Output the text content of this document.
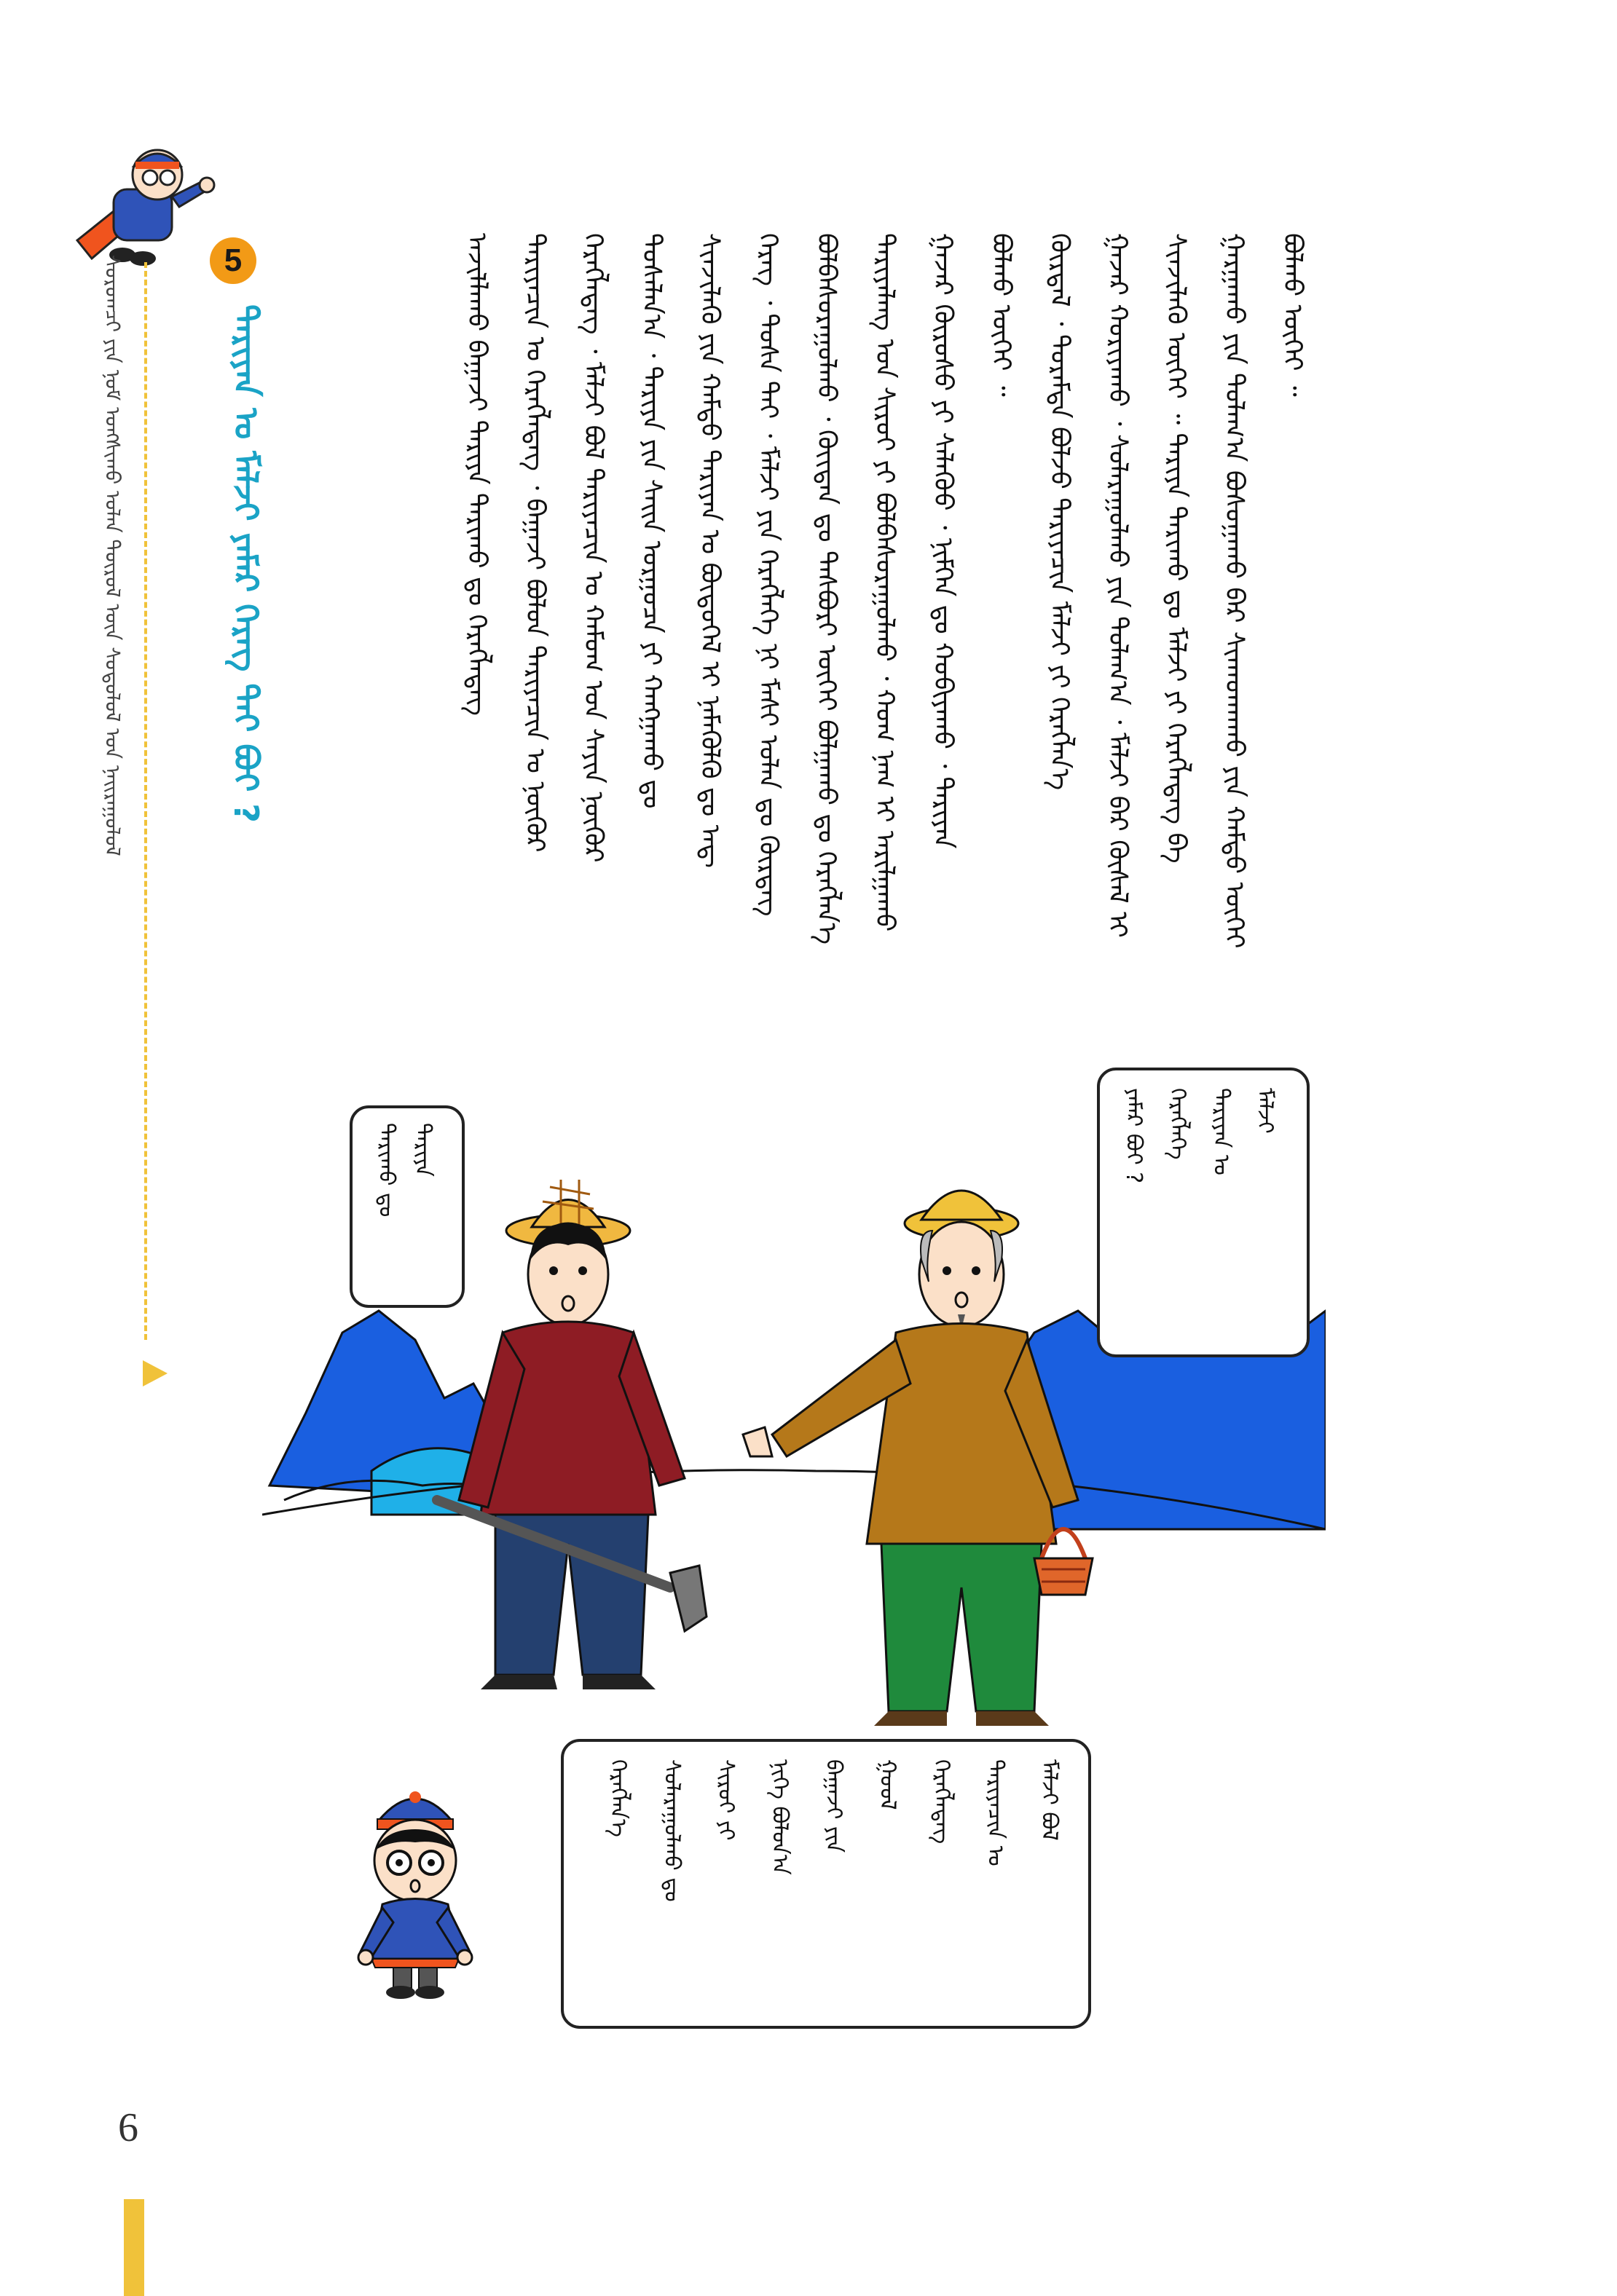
ᠰᠤᠷᠤᠭᠴᠢ ᠶᠢᠨ ᠨᠤᠮ ᠤᠩᠰᠢᠬᠤ ᠤᠯᠠᠨ ᠲᠦᠷᠦᠯ ᠦᠨ ᠰᠤᠳᠤᠯᠤᠯ ᠤᠨ ᠨᠠᠢᠷᠠᠭᠤᠯᠤᠯ	5
ᠲᠠᠷᠢᠶᠠᠨ ᠤ ᠮᠠᠯᠵᠢ ᠶᠠᠮᠠᠷ ᠬᠡᠷᠡᠭ ᠲᠠᠢ ᠪᠤᠢ ?	ᠪᠤᠯᠬᠤ ᠦᠭᠡᠢ ᠃
ᠭᠠᠷᠭᠠᠬᠤ ᠶᠢᠨ ᠲᠤᠯᠠᠭ᠎ᠠ ᠪᠤᠰᠤᠭᠠᠬᠤ ᠪᠠᠷ ᠰᠢᠬᠠᠳᠬᠠᠬᠤ ᠶᠢᠨ ᠬᠠᠮᠲᠤ ᠦᠭᠡᠢ
ᠰᠢᠨᠵᠢᠯᠡᠬᠦ ᠦᠭᠡᠢ ᠃ ᠲᠠᠷᠢᠶᠠ ᠲᠠᠷᠢᠬᠤ ᠳᠤ ᠮᠠᠯᠵᠢ ᠶᠢ ᠬᠡᠷᠡᠭᠯᠡᠳᠡᠭ ᠪᠠ
ᠭᠠᠵᠠᠷ ᠬᠤᠷᠢᠶᠠᠬᠤ ᠂ ᠰᠤᠯᠠᠷᠠᠭᠤᠯᠬᠤ ᠶᠢᠨ ᠲᠤᠯᠠᠭ᠎ᠠ ᠂ ᠮᠠᠯᠵᠢ ᠪᠠᠷ ᠬᠥᠰᠡᠯ ᠢ
ᠬᠦᠷᠳᠡᠯ ᠂ ᠳᠤᠷᠠᠮᠳᠠ ᠪᠤᠯᠵᠤ ᠲᠠᠷᠢᠶᠠᠴᠢᠨ ᠮᠠᠯᠵᠢ ᠶᠢ ᠬᠡᠷᠡᠭᠯᠡᠨ᠎ᠡ
ᠪᠤᠯᠬᠤ ᠦᠭᠡᠢ ᠃
ᠭᠠᠵᠠᠷ ᠬᠥᠷᠦᠰᠦ ᠶᠢ ᠰᠡᠯᠡᠭᠦᠦ ᠂ ᠨᠢᠮᠭᠡᠨ ᠳᠤ ᠬᠤᠪᠢᠶᠠᠬᠤ ᠂ ᠲᠠᠷᠢᠶᠠᠨ
ᠲᠠᠷᠢᠶᠠᠯᠠᠩ ᠤᠨ ᠰᠢᠷᠤᠢ ᠶᠢ ᠪᠤᠯᠪᠠᠰᠤᠷᠠᠭᠤᠯᠬᠤ ᠂ ᠬᠣᠭ ᠨᠠᠭ ᠢ ᠠᠷᠢᠯᠭᠠᠬᠤ
ᠪᠣᠯᠪᠠᠰᠤᠷᠠᠭᠤᠯᠬᠤ ᠂ ᠬᠦᠢᠲᠡᠨ ᠳᠤ ᠲᠡᠰᠪᠦᠷᠢ ᠦᠬᠡᠢ ᠪᠤᠯᠭᠠᠬᠤ ᠳᠤ ᠬᠡᠷᠡᠭᠯᠡᠨ᠎ᠡ
ᠬᠡᠷᠡᠭ ᠂ ᠲᠤᠰᠠ ᠲᠠᠢ ᠂ ᠮᠠᠯᠵᠢ ᠶᠢᠨ ᠬᠡᠷᠡᠭᠯᠡᠭᠡ ᠨᠢ ᠮᠠᠰᠢ ᠣᠯᠠᠨ ᠳᠣ ᠬᠦᠷᠳᠡᠭ
ᠰᠢᠨᠵᠢᠯᠡᠬᠦ ᠶᠢᠨ ᠬᠠᠮᠲᠤ ᠲᠠᠷᠢᠶᠠᠨ ᠤ ᠪᠦᠲᠦᠭᠡᠯ ᠢ ᠨᠡᠮᠡᠭᠦᠯᠬᠦ ᠳᠤ ᠠᠳ᠋
ᠲᠤᠰᠠᠯᠠᠨ᠎ᠠ ᠂ ᠲᠠᠷᠢᠶᠠ ᠶᠢᠨ ᠰᠠᠢᠨ ᠤᠷᠭᠤᠴᠠ ᠶᠢ ᠬᠠᠩᠭᠠᠬᠤ ᠳᠤ
ᠬᠡᠷᠡᠭᠯᠡᠳᠡᠭ ᠂ ᠮᠠᠯᠵᠢ ᠪᠤᠯ ᠲᠠᠷᠢᠶᠠᠴᠢᠨ ᠤ ᠬᠠᠮᠤᠭ ᠤᠨ ᠰᠠᠶᠢᠨ ᠨᠥᠬᠦᠷ
ᠲᠠᠷᠢᠶᠠᠴᠢᠨ ᠤ ᠬᠡᠷᠡᠭᠯᠡᠳᠡᠭ ᠂ ᠪᠠᠭᠠᠵᠢ ᠪᠤᠯᠤᠨ ᠲᠠᠷᠢᠶᠠᠴᠢᠨ ᠤ ᠨᠥᠬᠦᠷ
ᠠᠵᠢᠯᠯᠠᠬᠤ ᠪᠠᠭᠠᠵᠢ ᠲᠠᠷᠢᠶᠠ ᠲᠠᠷᠢᠬᠤ ᠳᠤ ᠬᠡᠷᠡᠭᠯᠡᠳᠡᠭ
ᠲᠠᠷᠢᠶᠠ
ᠲᠠᠷᠢᠬᠤ ᠳᠤ
ᠮᠠᠯᠵᠢ
ᠲᠠᠷᠢᠶᠠᠨ ᠤ
ᠬᠡᠷᠡᠭᠯᠡᠭᠡ
ᠶᠠᠮᠠᠷ ᠪᠤᠢ ?
ᠮᠠᠯᠵᠢ ᠪᠤᠯ
ᠲᠠᠷᠢᠶᠠᠴᠢᠨ ᠤ
ᠬᠡᠷᠡᠭᠯᠡᠳᠡᠭ
ᠭᠣᠣᠯ
ᠪᠠᠭᠠᠵᠢ ᠶᠢᠨ
ᠨᠢᠭᠡ ᠪᠣᠯᠤᠨ᠎ᠠ
ᠰᠢᠷᠤᠢ ᠶᠢ
ᠰᠤᠯᠠᠷᠠᠭᠤᠯᠬᠤ ᠳᠤ
ᠬᠡᠷᠡᠭᠯᠡᠨ᠎ᠡ
6
